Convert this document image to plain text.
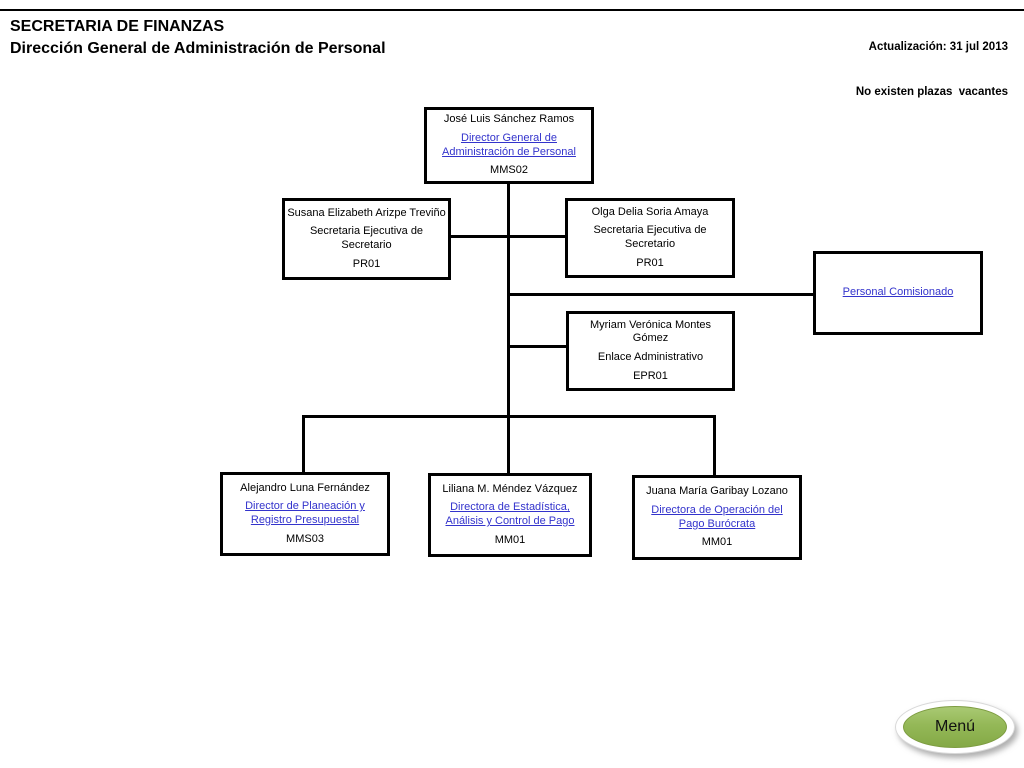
SECRETARIA DE FINANZAS
Dirección General de Administración de Personal

	Actualización: 31 jul 2013

No existen plazas  vacantes

José Luis Sánchez Ramos
Director General de Administración de Personal
MMS02
Susana Elizabeth Arizpe Treviño
Secretaria Ejecutiva de Secretario
PR01
Olga Delia Soria Amaya
Secretaria Ejecutiva de Secretario
PR01
Personal Comisionado
Myriam Verónica Montes Gómez
Enlace Administrativo
EPR01
Alejandro Luna Fernández
Director de Planeación y Registro Presupuestal
MMS03
Liliana M. Méndez Vázquez
Directora de Estadística, Análisis y Control de Pago
MM01
Juana María Garibay Lozano
Directora de Operación del Pago Burócrata
MM01
Menú
